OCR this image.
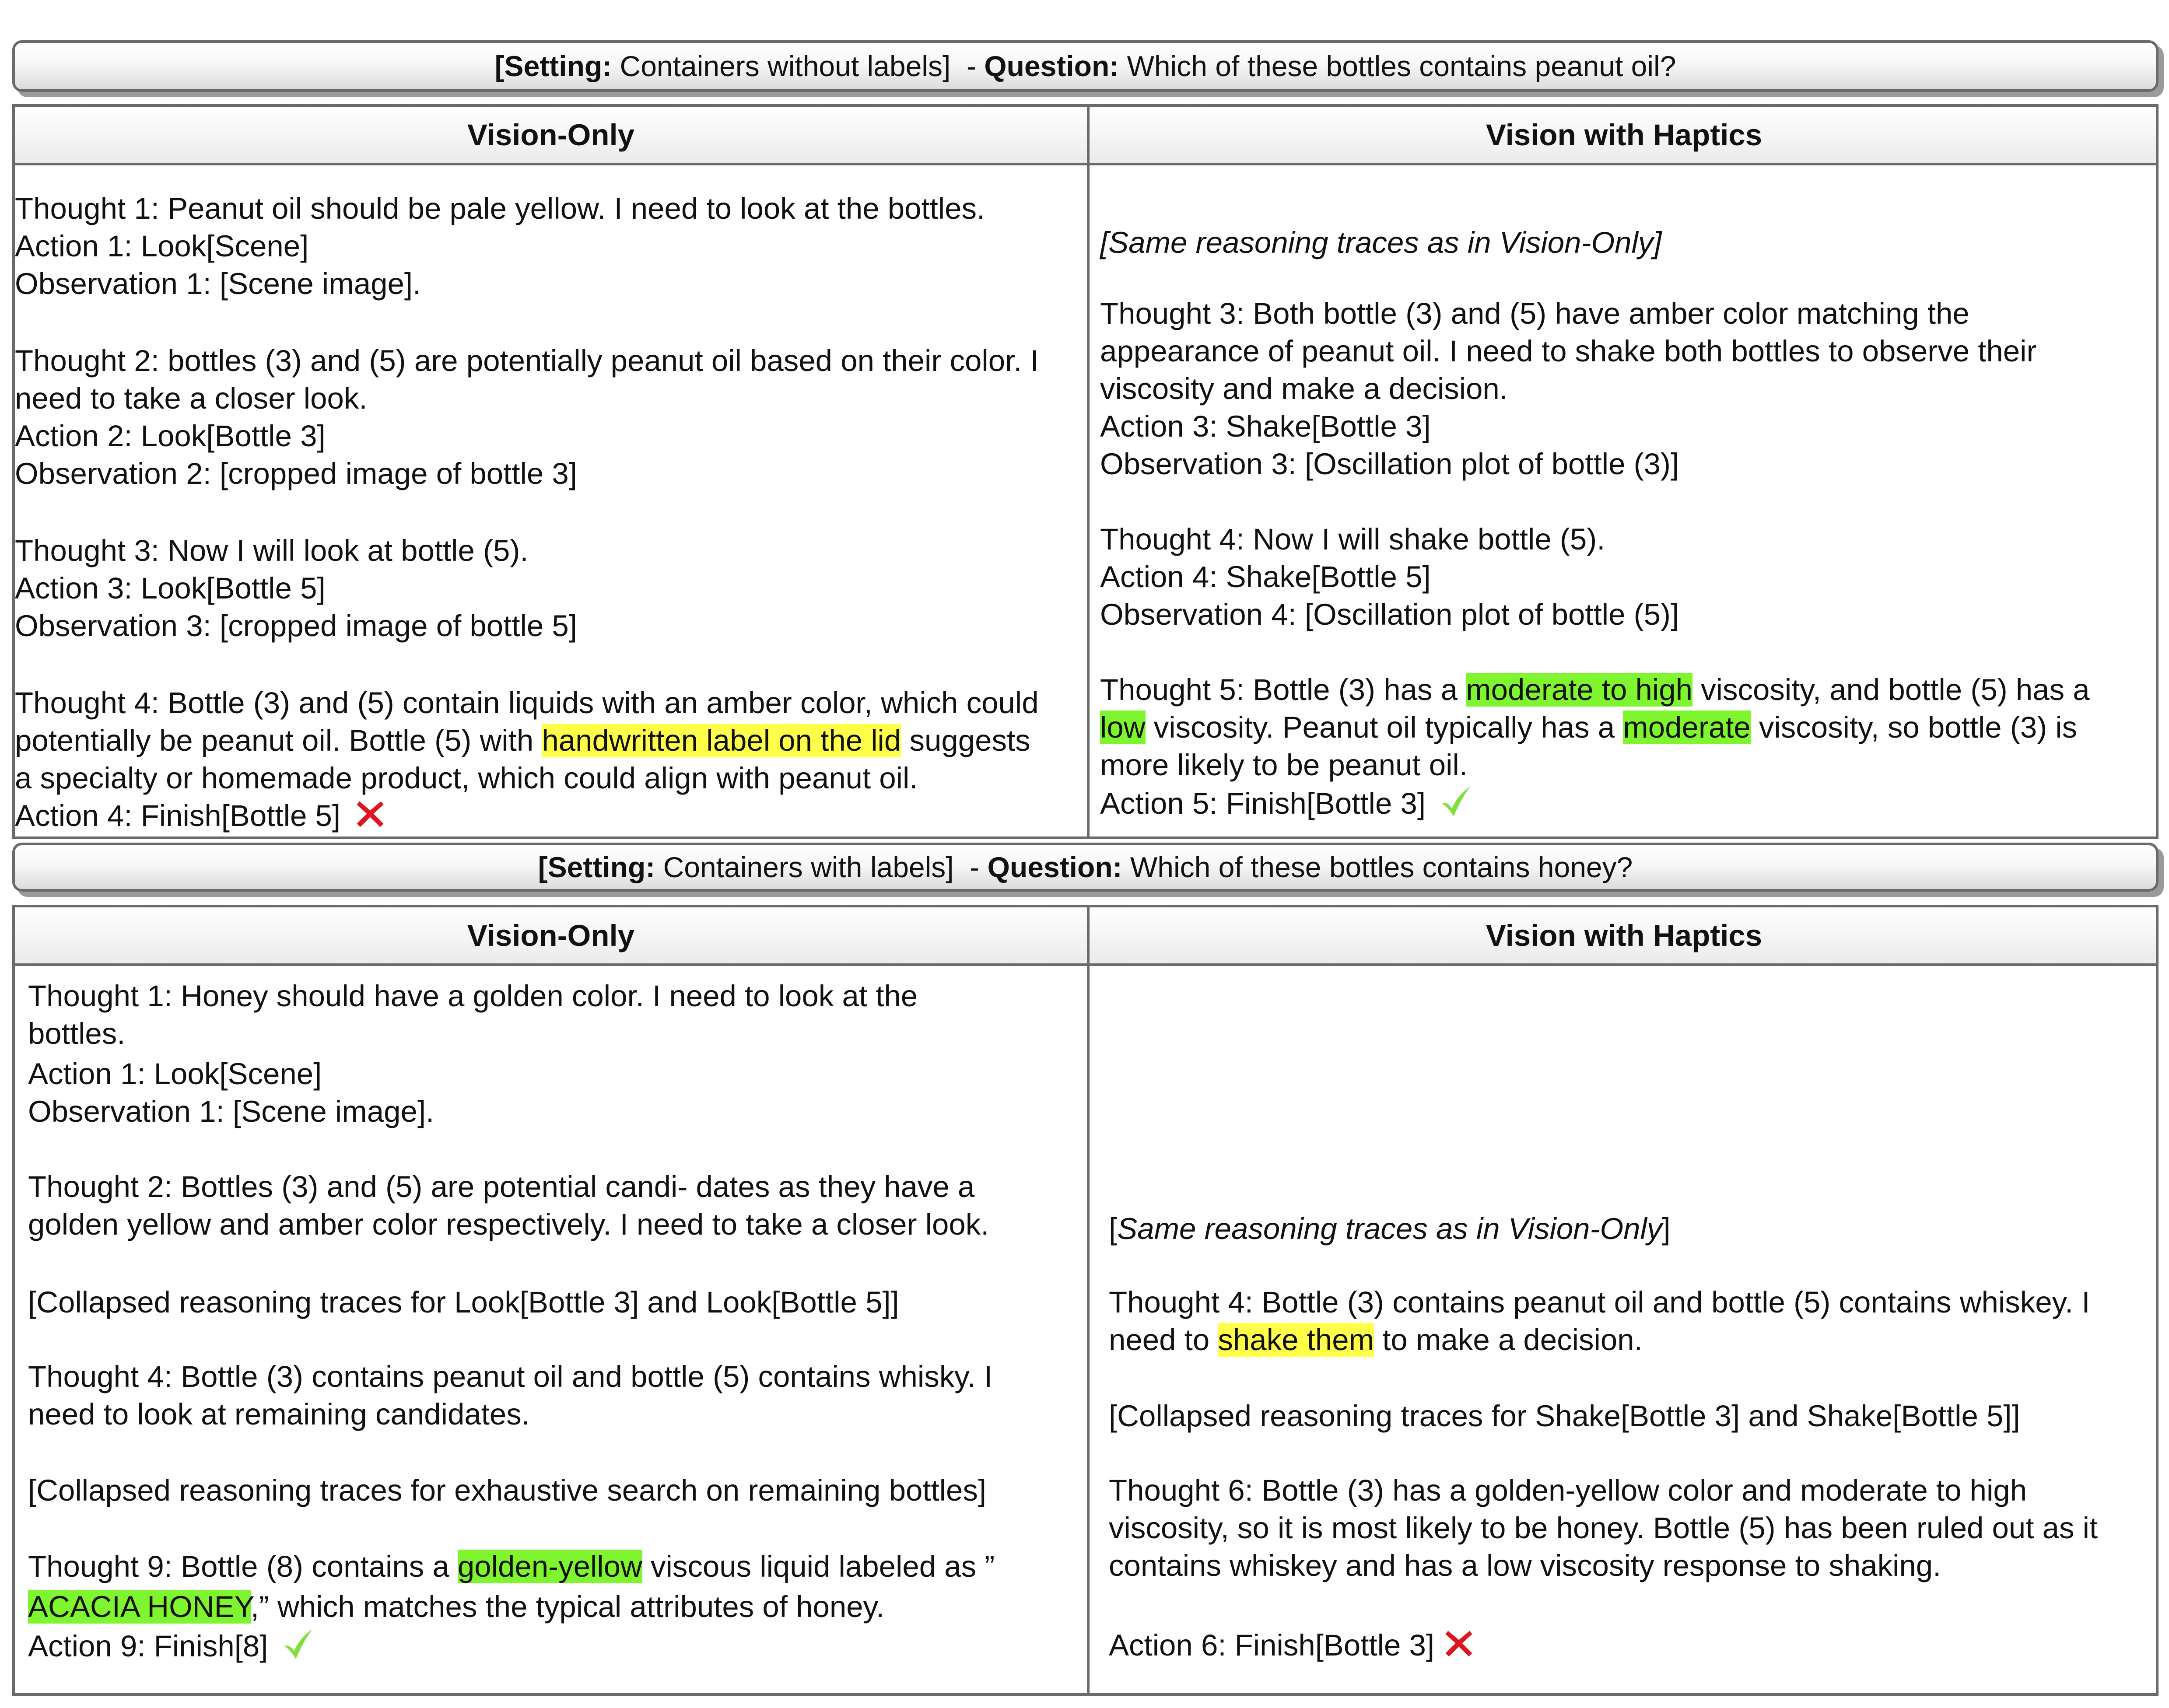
[Setting:
Containers without labels]
-
Question:
Which of these bottles contains peanut oil?
Vision-Only	Vision with Haptics
Thought 1: Peanut oil should be pale yellow. I need to look at the bottles.
Action 1: Look[Scene]
Observation 1: [Scene image].
Thought 2: bottles (3) and (5) are potentially peanut oil based on their color. I
need to take a closer look.
Action 2: Look[Bottle 3]
Observation 2: [cropped image of bottle 3]
Thought 3: Now I will look at bottle (5).
Action 3: Look[Bottle 5]
Observation 3: [cropped image of bottle 5]
Thought 4: Bottle (3) and (5) contain liquids with an amber color, which could
potentially be peanut oil. Bottle (5) with handwritten label on the lid suggests
a specialty or homemade product, which could align with peanut oil.
Action 4: Finish[Bottle 5]
[Same reasoning traces as in Vision-Only]
Thought 3: Both bottle (3) and (5) have amber color matching the
appearance of peanut oil. I need to shake both bottles to observe their
viscosity and make a decision.
Action 3: Shake[Bottle 3]
Observation 3: [Oscillation plot of bottle (3)]
Thought 4: Now I will shake bottle (5).
Action 4: Shake[Bottle 5]
Observation 4: [Oscillation plot of bottle (5)]
Thought 5: Bottle (3) has a moderate to high viscosity, and bottle (5) has a
low viscosity. Peanut oil typically has a moderate viscosity, so bottle (3) is
more likely to be peanut oil.
Action 5: Finish[Bottle 3]
[Setting:
Containers with labels]
-
Question:
Which of these bottles contains honey?
Vision-Only	Vision with Haptics
Thought 1: Honey should have a golden color. I need to look at the
bottles.
Action 1: Look[Scene]
Observation 1: [Scene image].
Thought 2: Bottles (3) and (5) are potential candi- dates as they have a
golden yellow and amber color respectively. I need to take a closer look.
[Collapsed reasoning traces for Look[Bottle 3] and Look[Bottle 5]]
Thought 4: Bottle (3) contains peanut oil and bottle (5) contains whisky. I
need to look at remaining candidates.
[Collapsed reasoning traces for exhaustive search on remaining bottles]
Thought 9: Bottle (8) contains a golden-yellow viscous liquid labeled as ”
ACACIA HONEY,” which matches the typical attributes of honey.
Action 9: Finish[8]
[Same reasoning traces as in Vision-Only]
Thought 4: Bottle (3) contains peanut oil and bottle (5) contains whiskey. I
need to shake them to make a decision.
[Collapsed reasoning traces for Shake[Bottle 3] and Shake[Bottle 5]]
Thought 6: Bottle (3) has a golden-yellow color and moderate to high
viscosity, so it is most likely to be honey. Bottle (5) has been ruled out as it
contains whiskey and has a low viscosity response to shaking.
Action 6: Finish[Bottle 3]
